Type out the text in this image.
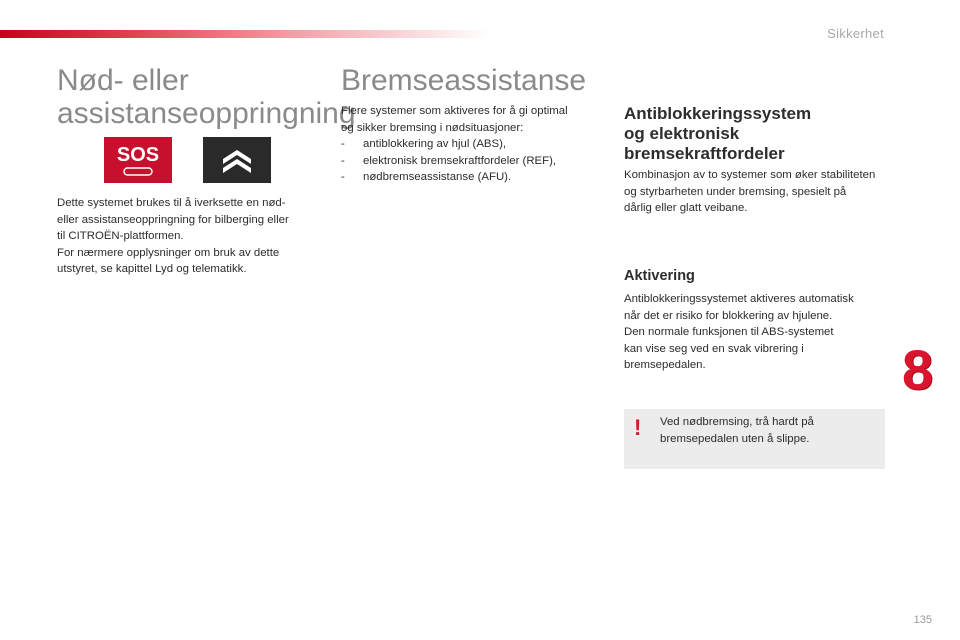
Sikkerhet
Nød- eller assistanseoppringning
SOS
Dette systemet brukes til å iverksette en nød-
eller assistanseoppringning for bilberging eller
til CITROËN-plattformen.
For nærmere opplysninger om bruk av dette
utstyret, se kapittel Lyd og telematikk.
Bremseassistanse
Flere systemer som aktiveres for å gi optimal
og sikker bremsing i nødsituasjoner:
- antiblokkering av hjul (ABS),
- elektronisk bremsekraftfordeler (REF),
- nødbremseassistanse (AFU).
Antiblokkeringssystem
og elektronisk
bremsekraftfordeler
Kombinasjon av to systemer som øker stabiliteten
og styrbarheten under bremsing, spesielt på
dårlig eller glatt veibane.
Aktivering
Antiblokkeringssystemet aktiveres automatisk
når det er risiko for blokkering av hjulene.
Den normale funksjonen til ABS-systemet
kan vise seg ved en svak vibrering i
bremsepedalen.
! Ved nødbremsing, trå hardt på
bremsepedalen uten å slippe.
8
135
